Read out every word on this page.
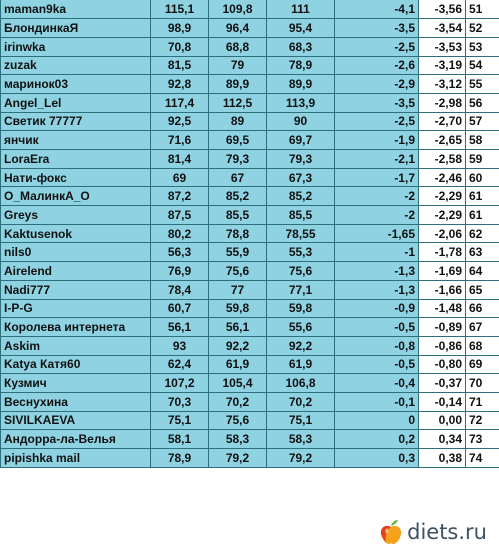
maman9ka	115,1	109,8	111	-4,1	-3,56	51
БлондинкаЯ	98,9	96,4	95,4	-3,5	-3,54	52
irinwka	70,8	68,8	68,3	-2,5	-3,53	53
zuzak	81,5	79	78,9	-2,6	-3,19	54
маринок03	92,8	89,9	89,9	-2,9	-3,12	55
Angel_Lel	117,4	112,5	113,9	-3,5	-2,98	56
Светик 77777	92,5	89	90	-2,5	-2,70	57
янчик	71,6	69,5	69,7	-1,9	-2,65	58
LoraEra	81,4	79,3	79,3	-2,1	-2,58	59
Нати-фокс	69	67	67,3	-1,7	-2,46	60
O_МалинкА_O	87,2	85,2	85,2	-2	-2,29	61
Greys	87,5	85,5	85,5	-2	-2,29	61
Kaktusenok	80,2	78,8	78,55	-1,65	-2,06	62
nils0	56,3	55,9	55,3	-1	-1,78	63
Airelend	76,9	75,6	75,6	-1,3	-1,69	64
Nadi777	78,4	77	77,1	-1,3	-1,66	65
I-P-G	60,7	59,8	59,8	-0,9	-1,48	66
Королева интернета	56,1	56,1	55,6	-0,5	-0,89	67
Askim	93	92,2	92,2	-0,8	-0,86	68
Katya Катя60	62,4	61,9	61,9	-0,5	-0,80	69
Кузмич	107,2	105,4	106,8	-0,4	-0,37	70
Веснухина	70,3	70,2	70,2	-0,1	-0,14	71
SIVILKAEVA	75,1	75,6	75,1	0	0,00	72
Андорра-ла-Велья	58,1	58,3	58,3	0,2	0,34	73
pipishka mail	78,9	79,2	79,2	0,3	0,38	74
diets.ru
